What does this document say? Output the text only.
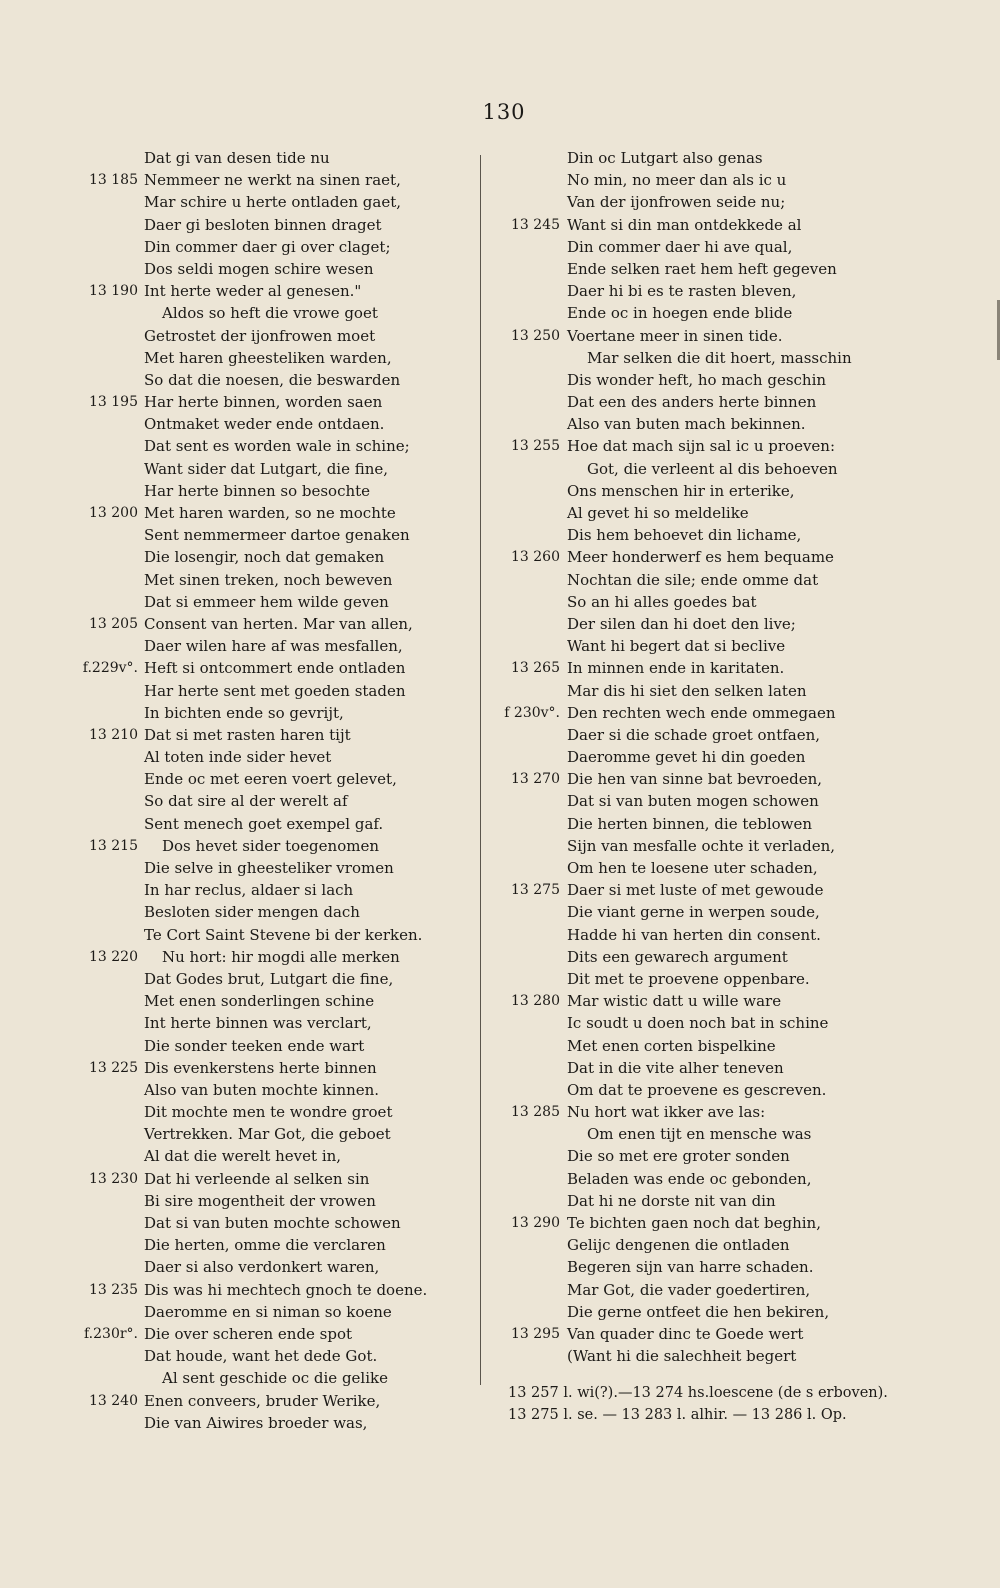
130
Dat gi van desen tide nu
13 185 Nemmeer ne werkt na sinen raet,
Mar schire u herte ontladen gaet,
Daer gi besloten binnen draget
Din commer daer gi over claget;
Dos seldi mogen schire wesen
13 190 Int herte weder al genesen."
Aldos so heft die vrowe goet
Getrostet der ijonfrowen moet
Met haren gheesteliken warden,
So dat die noesen, die beswarden
13 195 Har herte binnen, worden saen
Ontmaket weder ende ontdaen.
Dat sent es worden wale in schine;
Want sider dat Lutgart, die fine,
Har herte binnen so besochte
13 200 Met haren warden, so ne mochte
Sent nemmermeer dartoe genaken
Die losengir, noch dat gemaken
Met sinen treken, noch beweven
Dat si emmeer hem wilde geven
13 205 Consent van herten. Mar van allen,
Daer wilen hare af was mesfallen,
f.229v°. Heft si ontcommert ende ontladen
Har herte sent met goeden staden
In bichten ende so gevrijt,
13 210 Dat si met rasten haren tijt
Al toten inde sider hevet
Ende oc met eeren voert gelevet,
So dat sire al der werelt af
Sent menech goet exempel gaf.
13 215 Dos hevet sider toegenomen
Die selve in gheesteliker vromen
In har reclus, aldaer si lach
Besloten sider mengen dach
Te Cort Saint Stevene bi der kerken.
13 220 Nu hort: hir mogdi alle merken
Dat Godes brut, Lutgart die fine,
Met enen sonderlingen schine
Int herte binnen was verclart,
Die sonder teeken ende wart
13 225 Dis evenkerstens herte binnen
Also van buten mochte kinnen.
Dit mochte men te wondre groet
Vertrekken. Mar Got, die geboet
Al dat die werelt hevet in,
13 230 Dat hi verleende al selken sin
Bi sire mogentheit der vrowen
Dat si van buten mochte schowen
Die herten, omme die verclaren
Daer si also verdonkert waren,
13 235 Dis was hi mechtech gnoch te doene.
Daeromme en si niman so koene
f.230r°. Die over scheren ende spot
Dat houde, want het dede Got.
Al sent geschide oc die gelike
13 240 Enen conveers, bruder Werike,
Die van Aiwires broeder was,
Din oc Lutgart also genas
No min, no meer dan als ic u
Van der ijonfrowen seide nu;
13 245 Want si din man ontdekkede al
Din commer daer hi ave qual,
Ende selken raet hem heft gegeven
Daer hi bi es te rasten bleven,
Ende oc in hoegen ende blide
13 250 Voertane meer in sinen tide.
Mar selken die dit hoert, masschin
Dis wonder heft, ho mach geschin
Dat een des anders herte binnen
Also van buten mach bekinnen.
13 255 Hoe dat mach sijn sal ic u proeven:
Got, die verleent al dis behoeven
Ons menschen hir in erterike,
Al gevet hi so meldelike
Dis hem behoevet din lichame,
13 260 Meer honderwerf es hem bequame
Nochtan die sile; ende omme dat
So an hi alles goedes bat
Der silen dan hi doet den live;
Want hi begert dat si beclive
13 265 In minnen ende in karitaten.
Mar dis hi siet den selken laten
f 230v°. Den rechten wech ende ommegaen
Daer si die schade groet ontfaen,
Daeromme gevet hi din goeden
13 270 Die hen van sinne bat bevroeden,
Dat si van buten mogen schowen
Die herten binnen, die teblowen
Sijn van mesfalle ochte it verladen,
Om hen te loesene uter schaden,
13 275 Daer si met luste of met gewoude
Die viant gerne in werpen soude,
Hadde hi van herten din consent.
Dits een gewarech argument
Dit met te proevene oppenbare.
13 280 Mar wistic datt u wille ware
Ic soudt u doen noch bat in schine
Met enen corten bispelkine
Dat in die vite alher teneven
Om dat te proevene es gescreven.
13 285 Nu hort wat ikker ave las:
Om enen tijt en mensche was
Die so met ere groter sonden
Beladen was ende oc gebonden,
Dat hi ne dorste nit van din
13 290 Te bichten gaen noch dat beghin,
Gelijc dengenen die ontladen
Begeren sijn van harre schaden.
Mar Got, die vader goedertiren,
Die gerne ontfeet die hen bekiren,
13 295 Van quader dinc te Goede wert
(Want hi die salechheit begert
13 257 l. wi(?).—13 274 hs.loescene (de s erboven).
13 275 l. se. — 13 283 l. alhir. — 13 286 l. Op.
